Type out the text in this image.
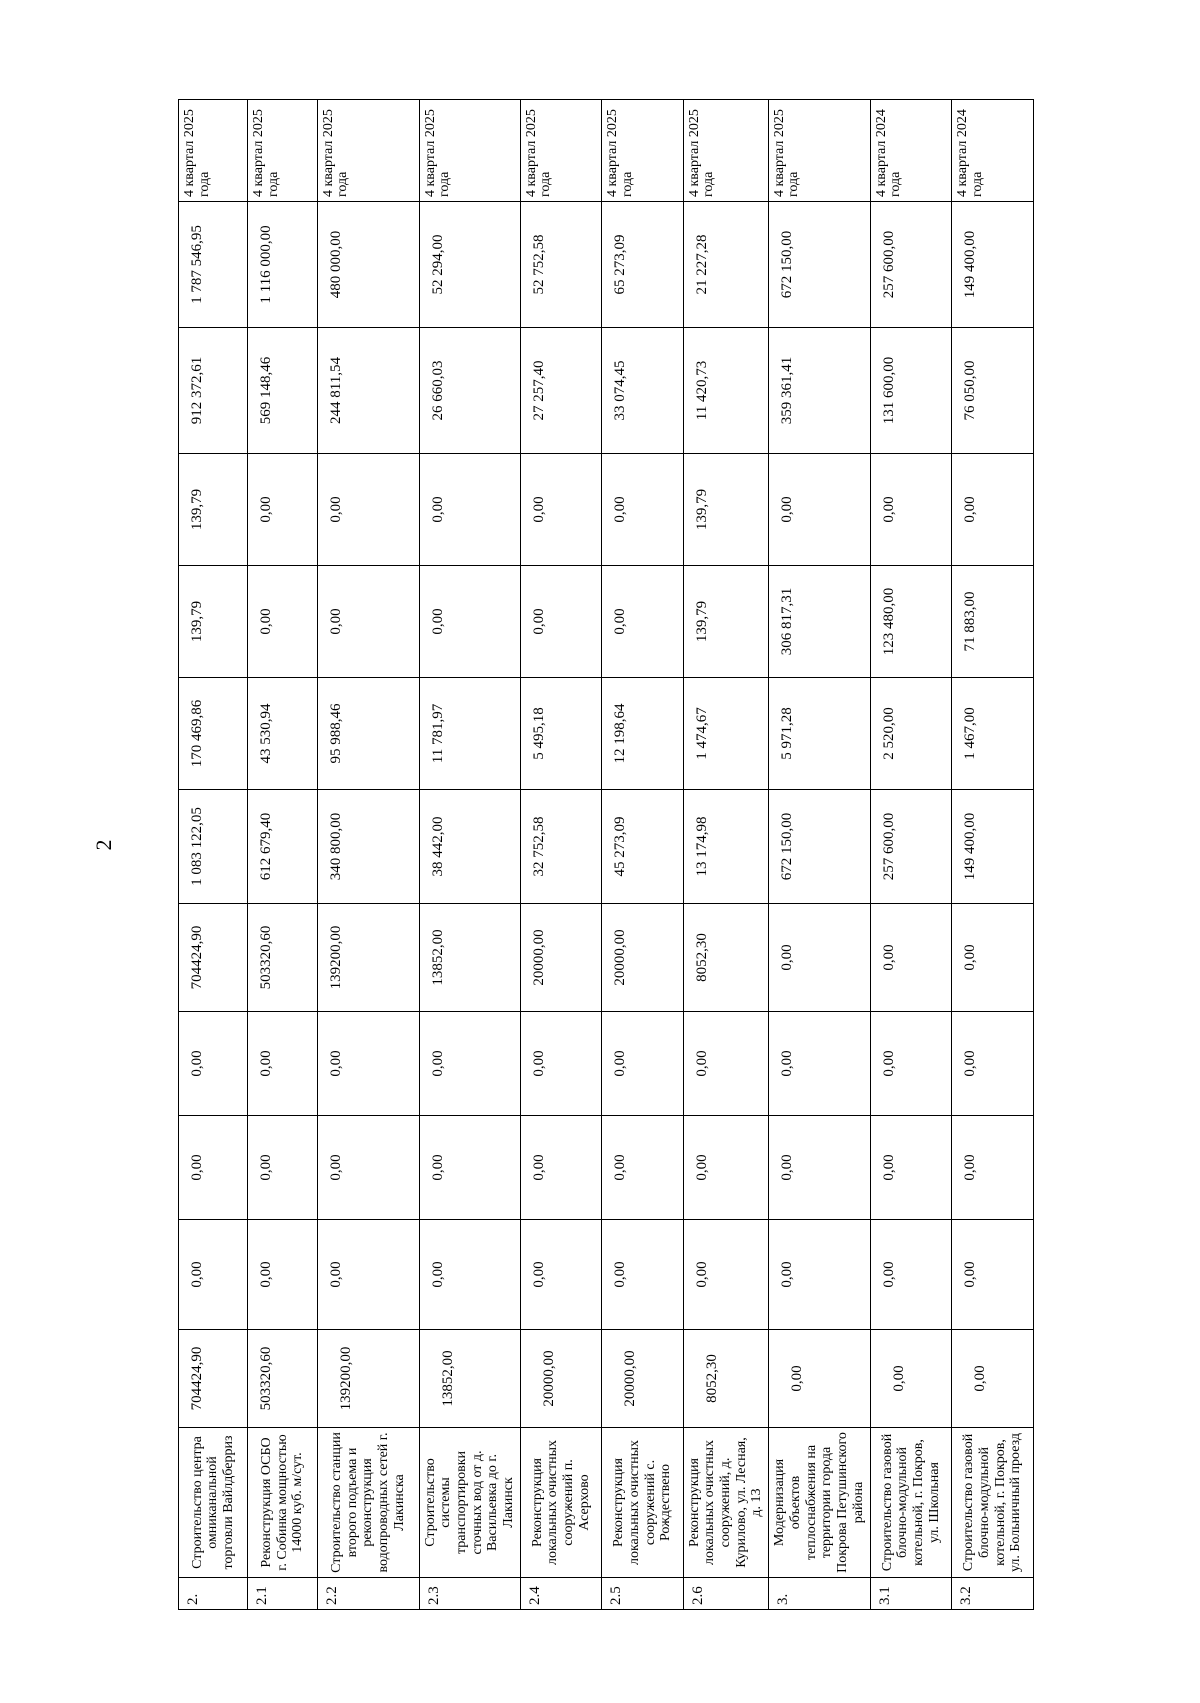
2
2.	Строительство центра омниканальной торговли Вайлдберриз	704424,90	0,00	0,00	0,00	704424,90	1 083 122,05	170 469,86	139,79	139,79	912 372,61	1 787 546,95	4 квартал 2025 года
2.1	Реконструкция ОСБО г. Собинка мощностью 14000 куб. м/сут.	503320,60	0,00	0,00	0,00	503320,60	612 679,40	43 530,94	0,00	0,00	569 148,46	1 116 000,00	4 квартал 2025 года
2.2	Строительство станции второго подъема и реконструкция водопроводных сетей г. Лакинска	139200,00	0,00	0,00	0,00	139200,00	340 800,00	95 988,46	0,00	0,00	244 811,54	480 000,00	4 квартал 2025 года
2.3	Строительство системы транспортировки сточных вод от д. Васильевка до г. Лакинск	13852,00	0,00	0,00	0,00	13852,00	38 442,00	11 781,97	0,00	0,00	26 660,03	52 294,00	4 квартал 2025 года
2.4	Реконструкция локальных очистных сооружений п. Асерхово	20000,00	0,00	0,00	0,00	20000,00	32 752,58	5 495,18	0,00	0,00	27 257,40	52 752,58	4 квартал 2025 года
2.5	Реконструкция локальных очистных сооружений с. Рождествено	20000,00	0,00	0,00	0,00	20000,00	45 273,09	12 198,64	0,00	0,00	33 074,45	65 273,09	4 квартал 2025 года
2.6	Реконструкция локальных очистных сооружений, д. Курилово, ул. Лесная, д. 13	8052,30	0,00	0,00	0,00	8052,30	13 174,98	1 474,67	139,79	139,79	11 420,73	21 227,28	4 квартал 2025 года
3.	Модернизация объектов теплоснабжения на территории города Покрова Петушинского района	0,00	0,00	0,00	0,00	0,00	672 150,00	5 971,28	306 817,31	0,00	359 361,41	672 150,00	4 квартал 2025 года
3.1	Строительство газовой блочно-модульной котельной, г. Покров, ул. Школьная	0,00	0,00	0,00	0,00	0,00	257 600,00	2 520,00	123 480,00	0,00	131 600,00	257 600,00	4 квартал 2024 года
3.2	Строительство газовой блочно-модульной котельной, г. Покров, ул. Больничный проезд	0,00	0,00	0,00	0,00	0,00	149 400,00	1 467,00	71 883,00	0,00	76 050,00	149 400,00	4 квартал 2024 года
